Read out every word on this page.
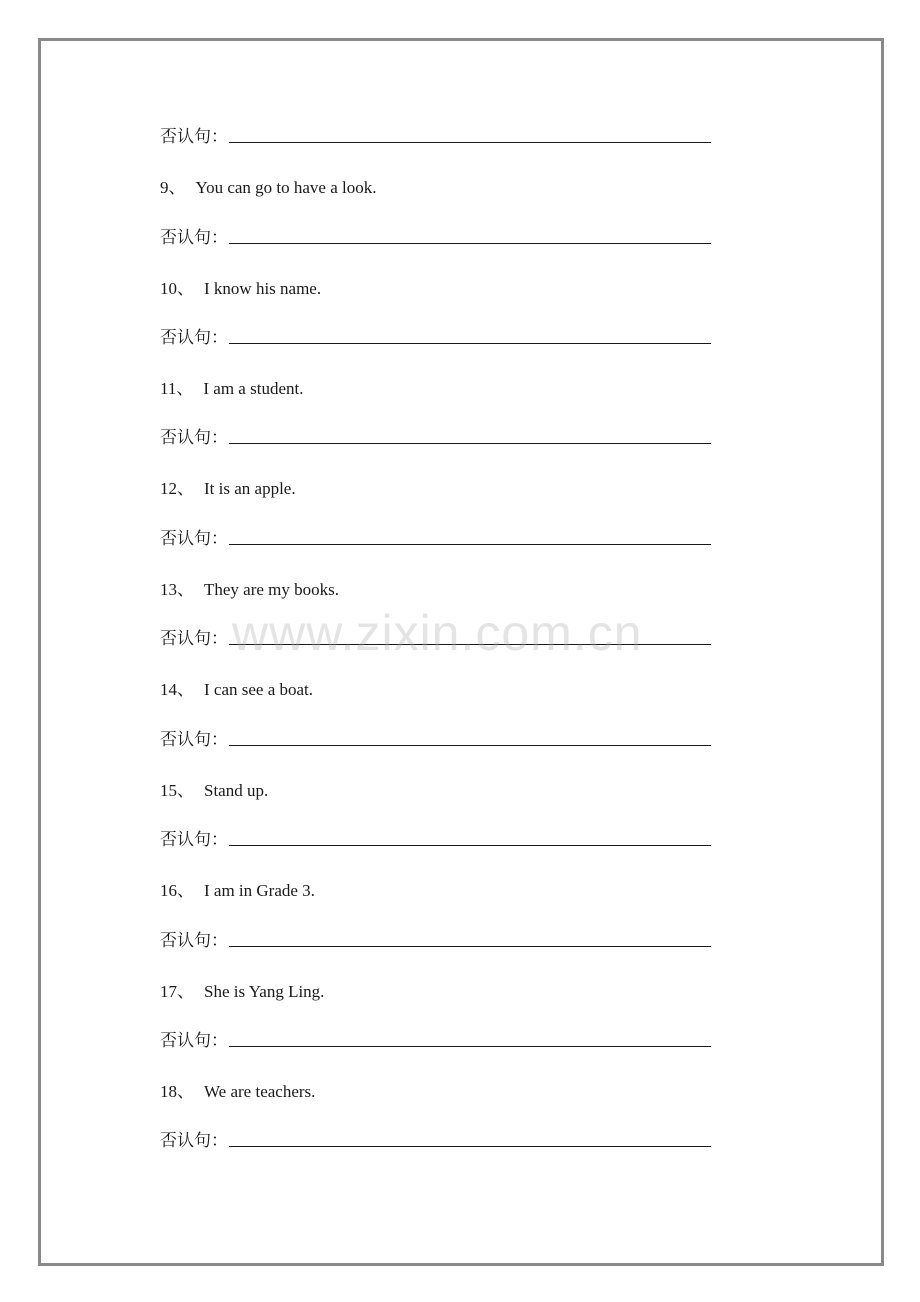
否认句：
9、 You can go to have a look.
否认句：
10、 I know his name.
否认句：
11、 I am a student.
否认句：
12、 It is an apple.
否认句：
13、 They are my books.
否认句：
14、 I can see a boat.
否认句：
15、 Stand up.
否认句：
16、 I am in Grade 3.
否认句：
17、 She is Yang Ling.
否认句：
18、 We are teachers.
否认句：
www.zixin.com.cn
